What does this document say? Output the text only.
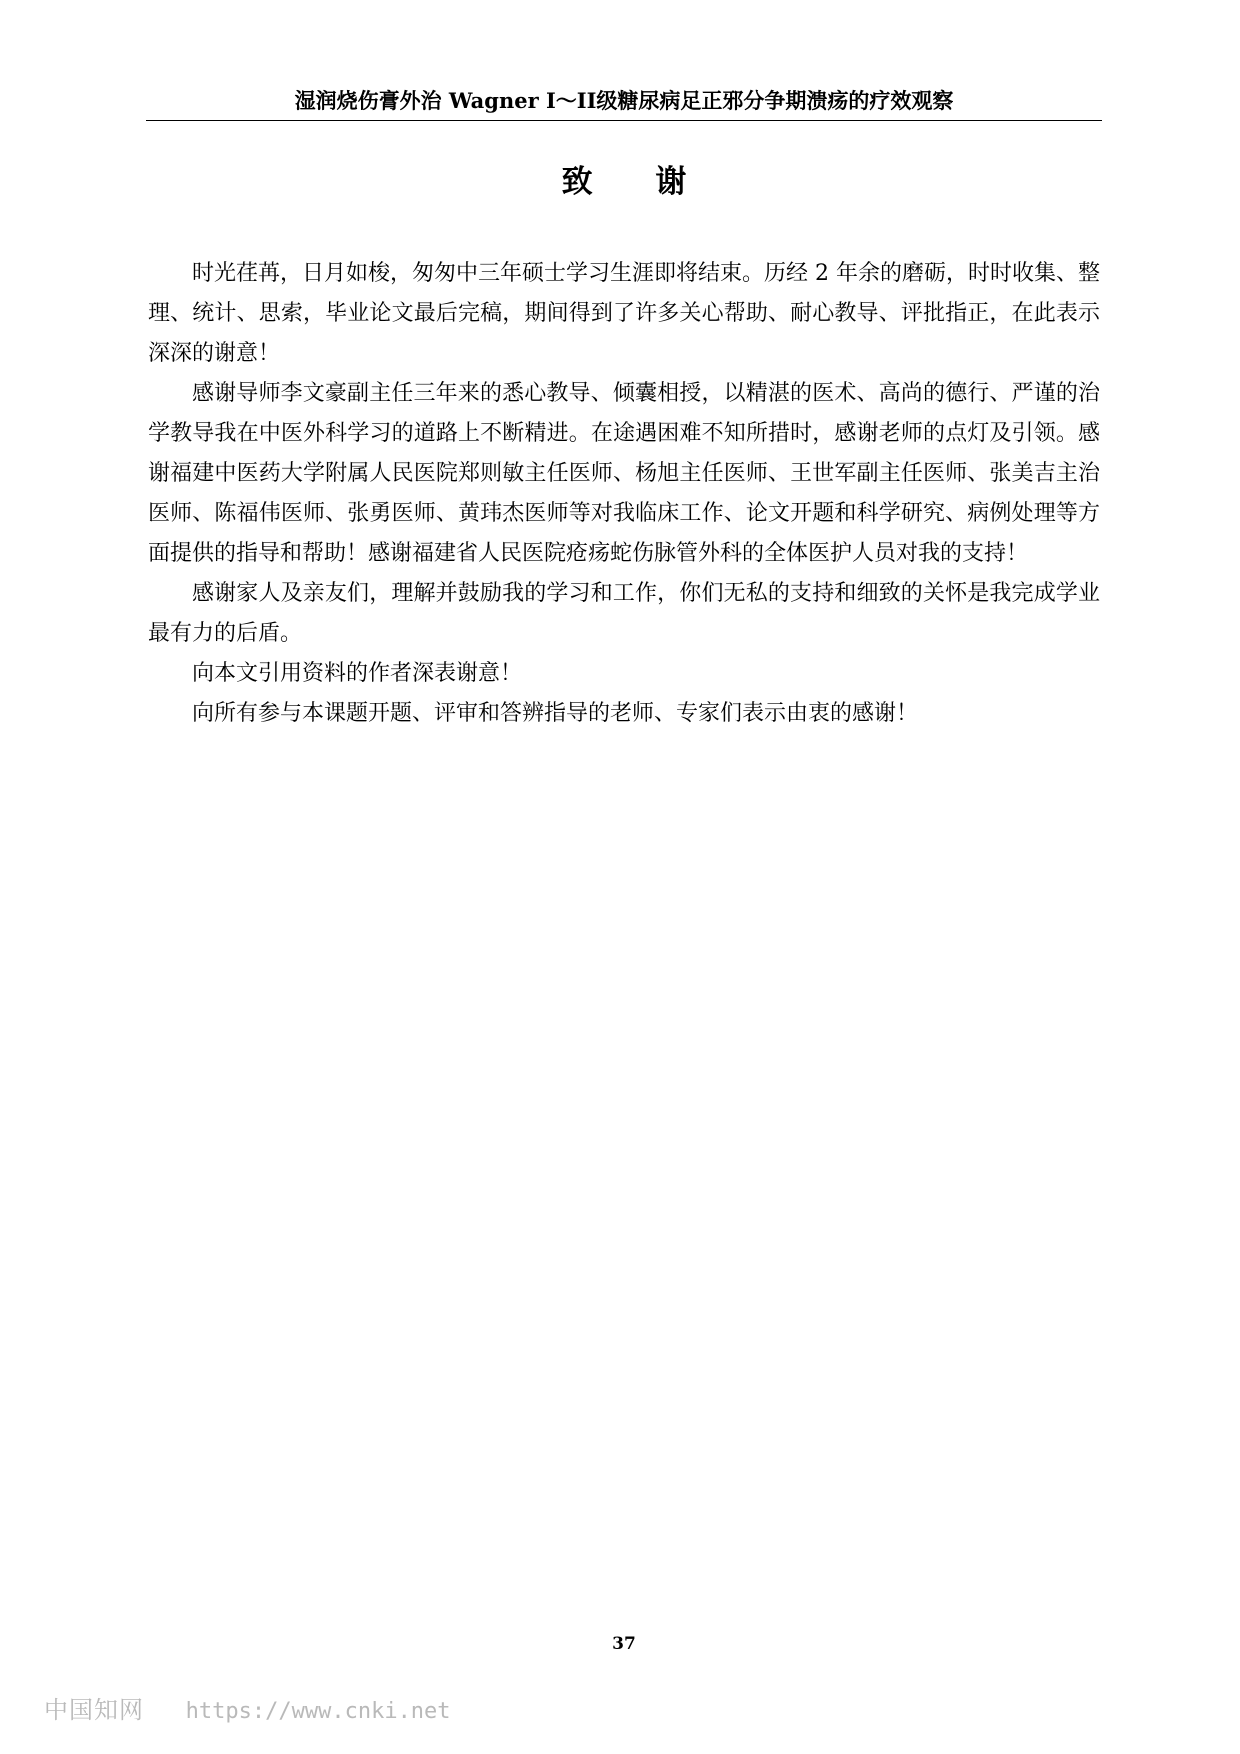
湿润烧伤膏外治 Wagner I～II级糖尿病足正邪分争期溃疡的疗效观察
致 谢

时光荏苒，日月如梭，匆匆中三年硕士学习生涯即将结束。历经 2 年余的磨砺，时时收集、整理、统计、思索，毕业论文最后完稿，期间得到了许多关心帮助、耐心教导、评批指正，在此表示深深的谢意！

感谢导师李文豪副主任三年来的悉心教导、倾囊相授，以精湛的医术、高尚的德行、严谨的治学教导我在中医外科学习的道路上不断精进。在途遇困难不知所措时，感谢老师的点灯及引领。感谢福建中医药大学附属人民医院郑则敏主任医师、杨旭主任医师、王世军副主任医师、张美吉主治医师、陈福伟医师、张勇医师、黄玮杰医师等对我临床工作、论文开题和科学研究、病例处理等方面提供的指导和帮助！感谢福建省人民医院疮疡蛇伤脉管外科的全体医护人员对我的支持！

感谢家人及亲友们，理解并鼓励我的学习和工作，你们无私的支持和细致的关怀是我完成学业最有力的后盾。

向本文引用资料的作者深表谢意！

向所有参与本课题开题、评审和答辨指导的老师、专家们表示由衷的感谢！

37
中国知网 https://www.cnki.net
